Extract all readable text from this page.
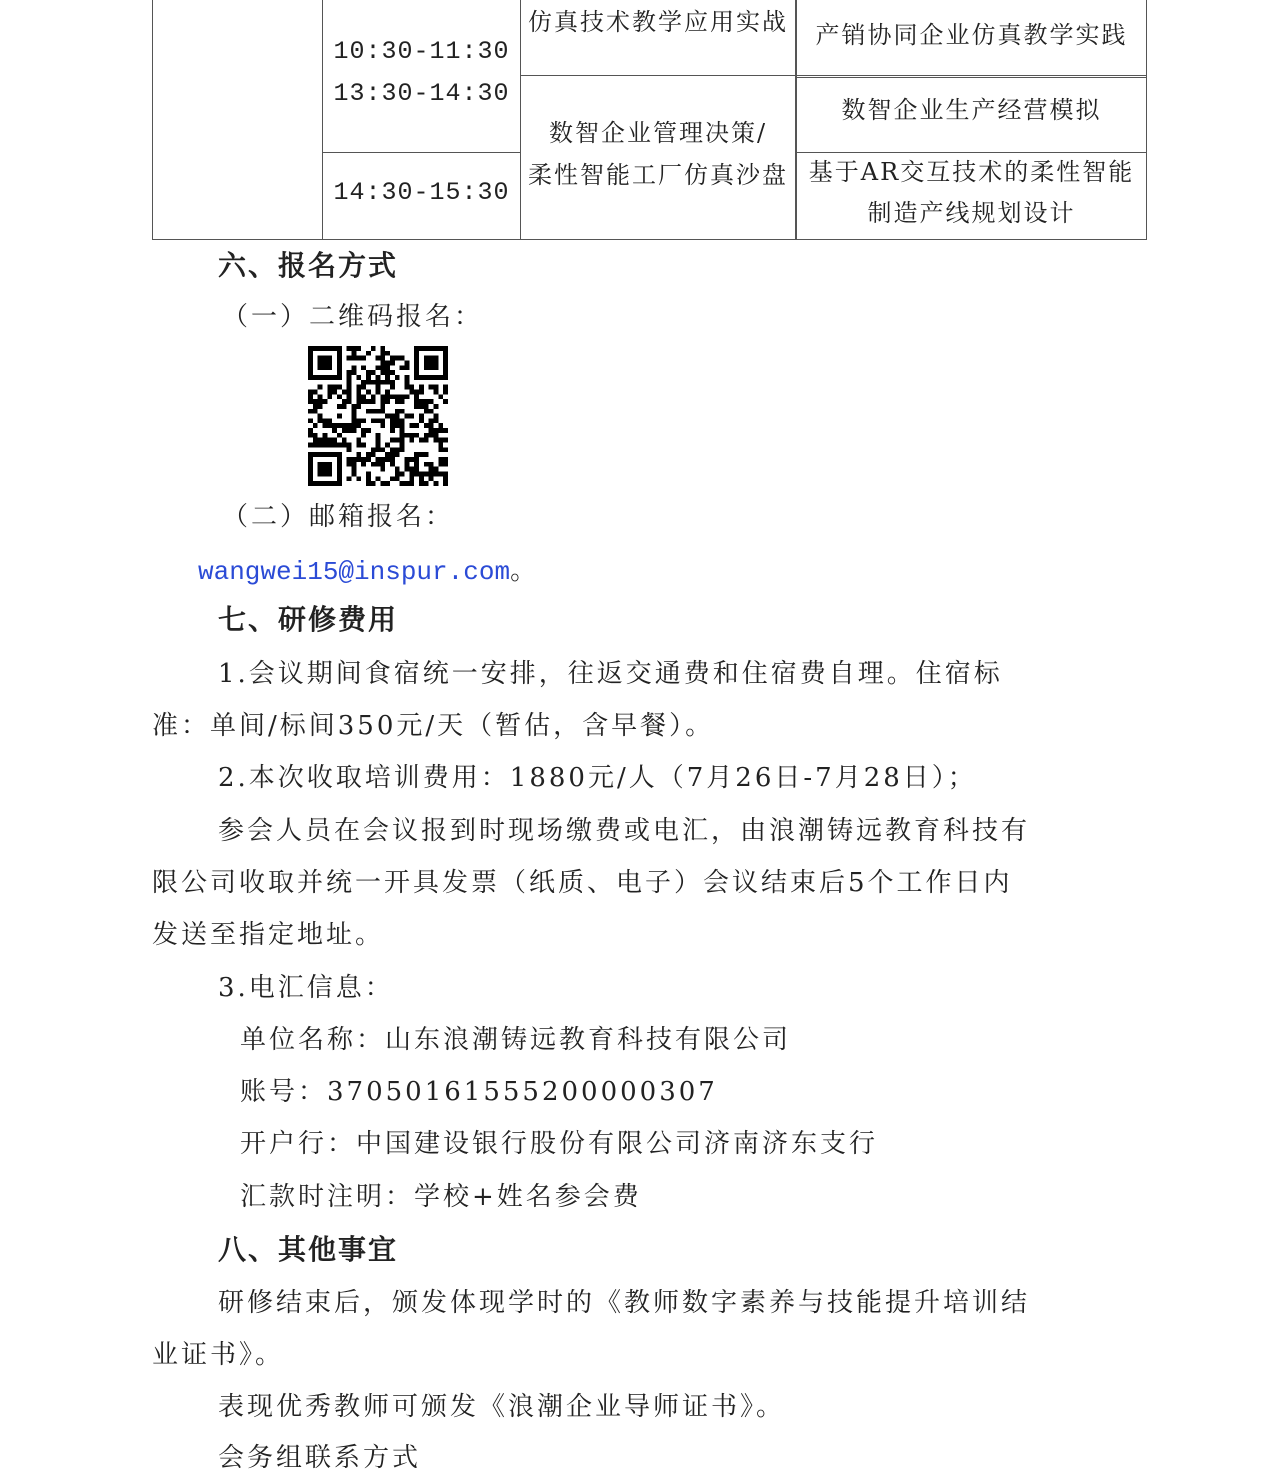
10:30-11:30
13:30-14:30
14:30-15:30
仿真技术教学应用实战
数智企业管理决策/
柔性智能工厂仿真沙盘
产销协同企业仿真教学实践
数智企业生产经营模拟
基于AR交互技术的柔性智能
制造产线规划设计
六、报名方式
（一）二维码报名：
（二）邮箱报名：
wangwei15@inspur.com。
七、研修费用
1.会议期间食宿统一安排，往返交通费和住宿费自理。住宿标
准：单间/标间350元/天（暂估，含早餐）。
2.本次收取培训费用：1880元/人（7月26日-7月28日）；
参会人员在会议报到时现场缴费或电汇，由浪潮铸远教育科技有
限公司收取并统一开具发票（纸质、电子）会议结束后5个工作日内
发送至指定地址。
3.电汇信息：
单位名称：山东浪潮铸远教育科技有限公司
账号：37050161555200000307
开户行：中国建设银行股份有限公司济南济东支行
汇款时注明：学校+姓名参会费
八、其他事宜
研修结束后，颁发体现学时的《教师数字素养与技能提升培训结
业证书》。
表现优秀教师可颁发《浪潮企业导师证书》。
会务组联系方式
